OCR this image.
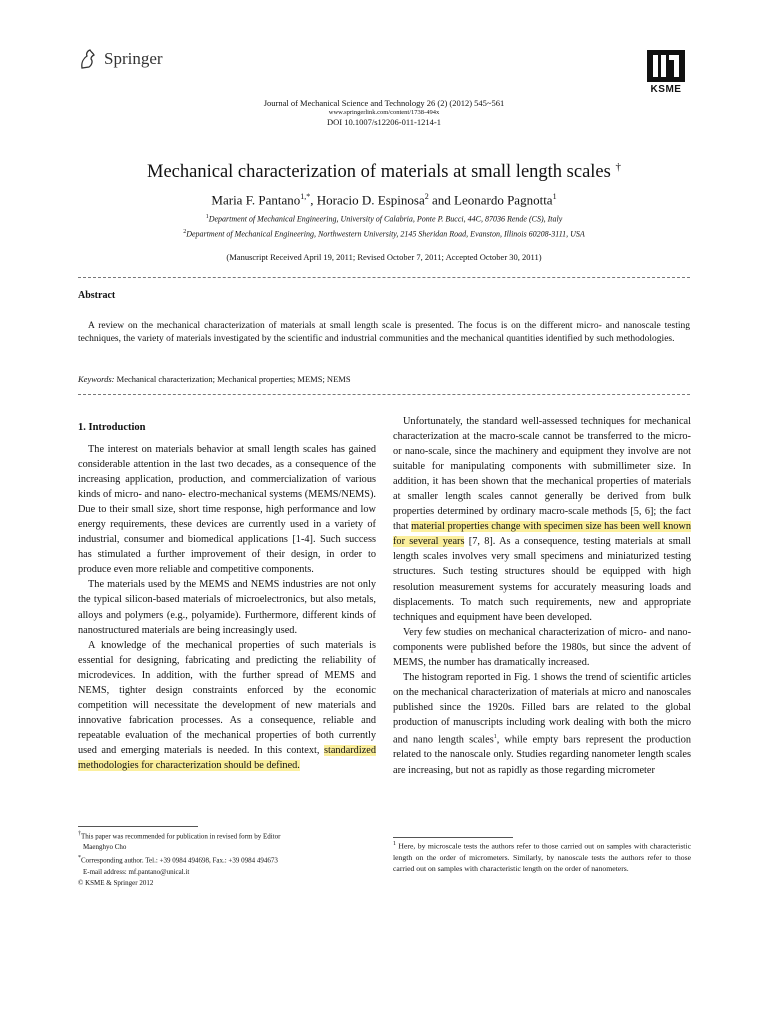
Springer
KSME
Journal of Mechanical Science and Technology 26 (2) (2012) 545~561
www.springerlink.com/content/1738-494x
DOI 10.1007/s12206-011-1214-1
Mechanical characterization of materials at small length scales †
Maria F. Pantano$^{1,*}$, Horacio D. Espinosa$^2$ and Leonardo Pagnotta$^1$
$^1$Department of Mechanical Engineering, University of Calabria, Ponte P. Bucci, 44C, 87036 Rende (CS), Italy
$^2$Department of Mechanical Engineering, Northwestern University, 2145 Sheridan Road, Evanston, Illinois 60208-3111, USA
(Manuscript Received April 19, 2011; Revised October 7, 2011; Accepted October 30, 2011)
Abstract
A review on the mechanical characterization of materials at small length scale is presented. The focus is on the different micro- and nanoscale testing techniques, the variety of materials investigated by the scientific and industrial communities and the mechanical quantities identified by such methodologies.
Keywords: Mechanical characterization; Mechanical properties; MEMS; NEMS
1. Introduction

The interest on materials behavior at small length scales has gained considerable attention in the last two decades, as a consequence of the increasing application, production, and commercialization of various kinds of micro- and nano- electro-mechanical systems (MEMS/NEMS). Due to their small size, short time response, high performance and low energy requirements, these devices are currently used in a variety of industrial, consumer and biomedical applications [1-4]. Such success has stimulated a further improvement of their design, in order to produce even more reliable and competitive components.

The materials used by the MEMS and NEMS industries are not only the typical silicon-based materials of microelectronics, but also metals, alloys and polymers (e.g., polyamide). Furthermore, different kinds of nanostructured materials are being increasingly used.

A knowledge of the mechanical properties of such materials is essential for designing, fabricating and predicting the reliability of microdevices. In addition, with the further spread of MEMS and NEMS, tighter design constraints enforced by the economic competition will necessitate the development of new materials and innovative fabrication processes. As a consequence, reliable and repeatable evaluation of the mechanical properties of both currently used and emerging materials is needed. In this context, standardized methodologies for characterization should be defined.

Unfortunately, the standard well-assessed techniques for mechanical characterization at the macro-scale cannot be transferred to the micro- or nano-scale, since the machinery and equipment they involve are not suitable for manipulating components with submillimeter size. In addition, it has been shown that the mechanical properties of materials at smaller length scales cannot generally be derived from bulk properties determined by ordinary macro-scale methods [5, 6]; the fact that material properties change with specimen size has been well known for several years [7, 8]. As a consequence, testing materials at small length scales involves very small specimens and miniaturized testing structures. Such testing structures should be equipped with high resolution measurement systems for accurately measuring loads and displacements. To match such requirements, new and appropriate techniques and equipment have been developed.

Very few studies on mechanical characterization of micro- and nano-components were published before the 1980s, but since the advent of MEMS, the number has dramatically increased.

The histogram reported in Fig. 1 shows the trend of scientific articles on the mechanical characterization of materials at micro and nanoscales published since the 1920s. Filled bars are related to the global production of manuscripts including work dealing with both the micro and nano length scales$^1$, while empty bars represent the production related to the nanoscale only. Studies regarding nanometer length scales are increasing, but not as rapidly as those regarding micrometer

†This paper was recommended for publication in revised form by Editor
Maenghyo Cho
*Corresponding author. Tel.: +39 0984 494698, Fax.: +39 0984 494673
E-mail address: mf.pantano@unical.it
© KSME & Springer 2012
$^1$ Here, by microscale tests the authors refer to those carried out on samples with characteristic length on the order of micrometers. Similarly, by nanoscale tests the authors refer to those carried out on samples with characteristic length on the order of nanometers.
